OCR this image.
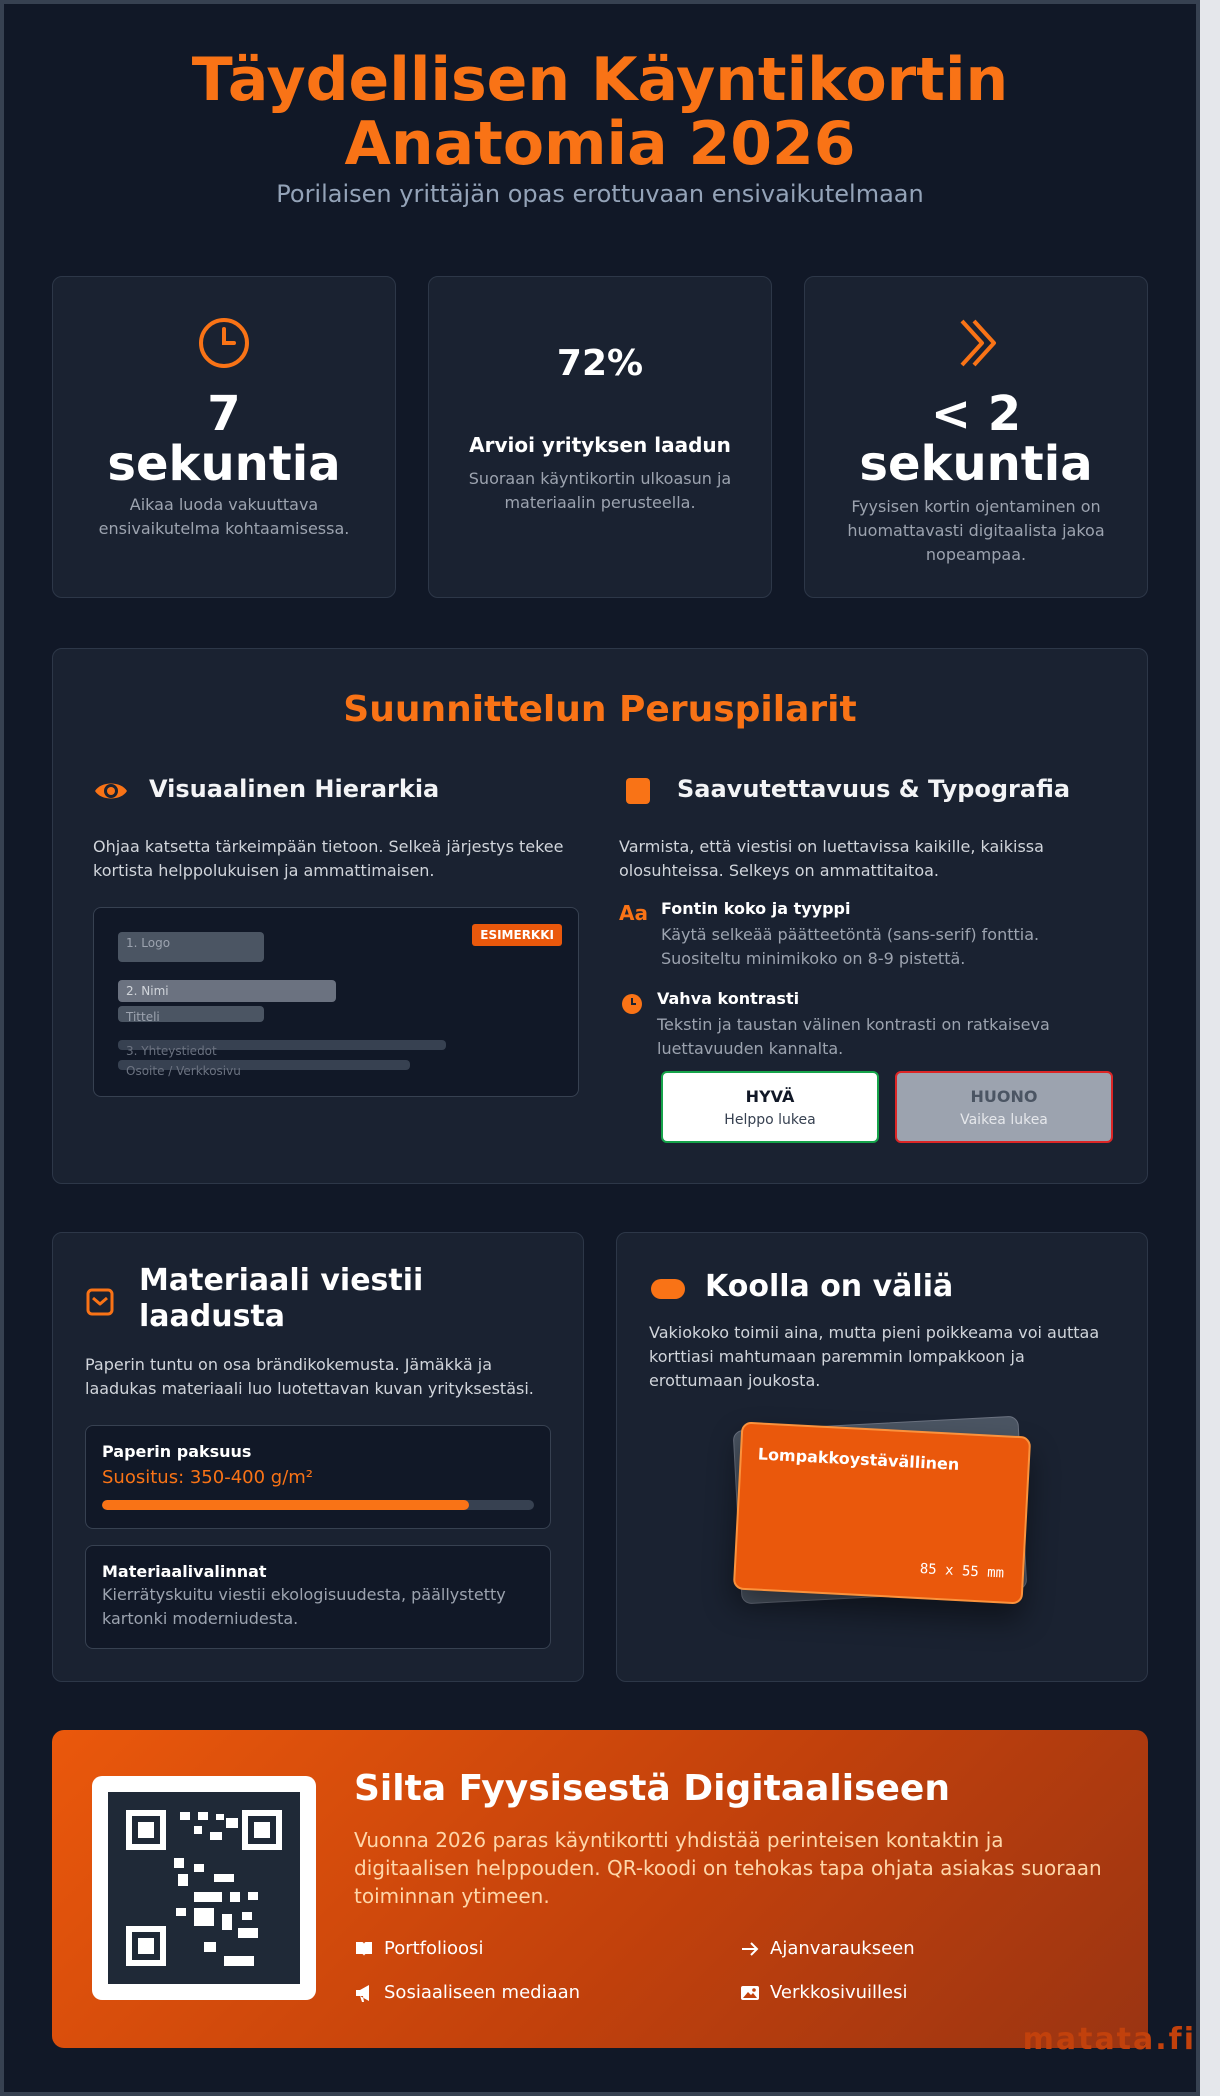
Täydellisen Käyntikortin
Anatomia 2026
Porilaisen yrittäjän opas erottuvaan ensivaikutelmaan
7
sekuntia
Aikaa luoda vakuuttava ensivaikutelma kohtaamisessa.
72%
Arvioi yrityksen laadun
Suoraan käyntikortin ulkoasun ja materiaalin perusteella.
< 2
sekuntia
Fyysisen kortin ojentaminen on huomattavasti digitaalista jakoa nopeampaa.
Suunnittelun Peruspilarit
Visuaalinen Hierarkia
Ohjaa katsetta tärkeimpään tietoon. Selkeä järjestys tekee kortista helppolukuisen ja ammattimaisen.
ESIMERKKI
1. Logo
2. Nimi
Titteli
3. Yhteystiedot
Osoite / Verkkosivu
Saavutettavuus & Typografia
Varmista, että viestisi on luettavissa kaikille, kaikissa olosuhteissa. Selkeys on ammattitaitoa.
Aa Fontin koko ja tyyppi
Käytä selkeää päätteetöntä (sans-serif) fonttia. Suositeltu minimikoko on 8-9 pistettä.
Vahva kontrasti
Tekstin ja taustan välinen kontrasti on ratkaiseva luettavuuden kannalta.
HYVÄ
Helppo lukea
HUONO
Vaikea lukea
Materiaali viestii
laadusta
Paperin tuntu on osa brändikokemusta. Jämäkkä ja laadukas materiaali luo luotettavan kuvan yrityksestäsi.
Paperin paksuus
Suositus: 350-400 g/m²
Materiaalivalinnat
Kierrätyskuitu viestii ekologisuudesta, päällystetty kartonki moderniudesta.
Koolla on väliä
Vakiokoko toimii aina, mutta pieni poikkeama voi auttaa korttiasi mahtumaan paremmin lompakkoon ja erottumaan joukosta.
Lompakkoystävällinen
85 x 55 mm
Silta Fyysisestä Digitaaliseen
Vuonna 2026 paras käyntikortti yhdistää perinteisen kontaktin ja digitaalisen helppouden. QR-koodi on tehokas tapa ohjata asiakas suoraan toiminnan ytimeen.
Portfolioosi	Ajanvaraukseen
Sosiaaliseen mediaan	Verkkosivuillesi
matata.fi
